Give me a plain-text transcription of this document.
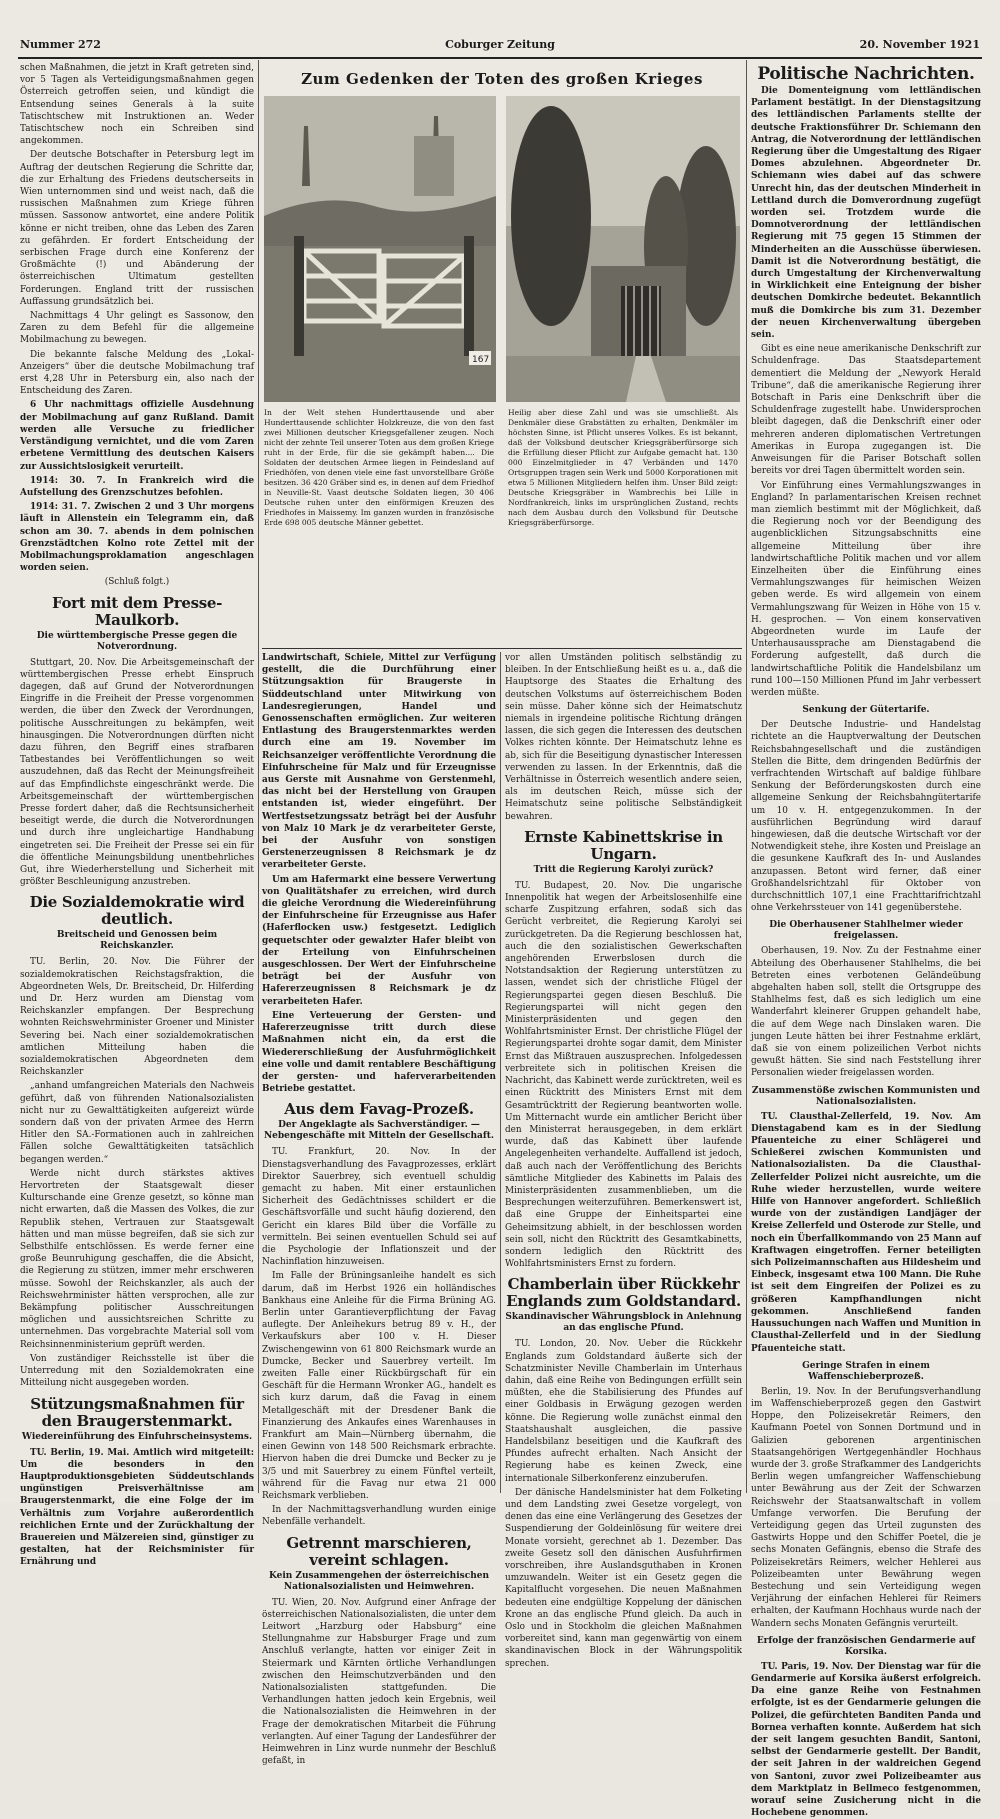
Nummer 272	Coburger Zeitung	20. November 1921

schen Maßnahmen, die jetzt in Kraft getreten sind, vor 5 Tagen als Verteidigungsmaßnahmen gegen Österreich getroffen seien, und kündigt die Entsendung seines Generals à la suite Tatischtschew mit Instruktionen an. Weder Tatischtschew noch ein Schreiben sind angekommen.

Der deutsche Botschafter in Petersburg legt im Auftrag der deutschen Regierung die Schritte dar, die zur Erhaltung des Friedens deutscherseits in Wien unternommen sind und weist nach, daß die russischen Maßnahmen zum Kriege führen müssen. Sassonow antwortet, eine andere Politik könne er nicht treiben, ohne das Leben des Zaren zu gefährden. Er fordert Entscheidung der serbischen Frage durch eine Konferenz der Großmächte (!) und Abänderung der österreichischen Ultimatum gestellten Forderungen. England tritt der russischen Auffassung grundsätzlich bei.

Nachmittags 4 Uhr gelingt es Sassonow, den Zaren zu dem Befehl für die allgemeine Mobilmachung zu bewegen.

Die bekannte falsche Meldung des „Lokal-Anzeigers“ über die deutsche Mobilmachung traf erst 4,28 Uhr in Petersburg ein, also nach der Entscheidung des Zaren.

6 Uhr nachmittags offizielle Ausdehnung der Mobilmachung auf ganz Rußland. Damit werden alle Versuche zu friedlicher Verständigung vernichtet, und die vom Zaren erbetene Vermittlung des deutschen Kaisers zur Aussichtslosigkeit verurteilt.

1914: 30. 7. In Frankreich wird die Aufstellung des Grenzschutzes befohlen.

1914: 31. 7. Zwischen 2 und 3 Uhr morgens läuft in Allenstein ein Telegramm ein, daß schon am 30. 7. abends in dem polnischen Grenzstädtchen Kolno rote Zettel mit der Mobilmachungsproklamation angeschlagen worden seien.

(Schluß folgt.)
Fort mit dem Presse-Maulkorb.
Die württembergische Presse gegen die Notverordnung.

Stuttgart, 20. Nov. Die Arbeitsgemeinschaft der württembergischen Presse erhebt Einspruch dagegen, daß auf Grund der Notverordnungen Eingriffe in die Freiheit der Presse vorgenommen werden, die über den Zweck der Verordnungen, politische Ausschreitungen zu bekämpfen, weit hinausgingen. Die Notverordnungen dürften nicht dazu führen, den Begriff eines strafbaren Tatbestandes bei Veröffentlichungen so weit auszudehnen, daß das Recht der Meinungsfreiheit auf das Empfindlichste eingeschränkt werde. Die Arbeitsgemeinschaft der württembergischen Presse fordert daher, daß die Rechtsunsicherheit beseitigt werde, die durch die Notverordnungen und durch ihre ungleichartige Handhabung eingetreten sei. Die Freiheit der Presse sei ein für die öffentliche Meinungsbildung unentbehrliches Gut, ihre Wiederherstellung und Sicherheit mit größter Beschleunigung anzustreben.

Die Sozialdemokratie wird deutlich.
Breitscheid und Genossen beim Reichskanzler.

TU. Berlin, 20. Nov. Die Führer der sozialdemokratischen Reichstagsfraktion, die Abgeordneten Wels, Dr. Breitscheid, Dr. Hilferding und Dr. Herz wurden am Dienstag vom Reichskanzler empfangen. Der Besprechung wohnten Reichswehrminister Groener und Minister Severing bei. Nach einer sozialdemokratischen amtlichen Mitteilung haben die sozialdemokratischen Abgeordneten dem Reichskanzler

„anhand umfangreichen Materials den Nachweis geführt, daß von führenden Nationalsozialisten nicht nur zu Gewalttätigkeiten aufgereizt würde sondern daß von der privaten Armee des Herrn Hitler den SA.-Formationen auch in zahlreichen Fällen solche Gewalttätigkeiten tatsächlich begangen werden.“

Werde nicht durch stärkstes aktives Hervortreten der Staatsgewalt dieser Kulturschande eine Grenze gesetzt, so könne man nicht erwarten, daß die Massen des Volkes, die zur Republik stehen, Vertrauen zur Staatsgewalt hätten und man müsse begreifen, daß sie sich zur Selbsthilfe entschlössen. Es werde ferner eine große Beunruhigung geschaffen, die die Absicht, die Regierung zu stützen, immer mehr erschweren müsse. Sowohl der Reichskanzler, als auch der Reichswehrminister hätten versprochen, alle zur Bekämpfung politischer Ausschreitungen möglichen und aussichtsreichen Schritte zu unternehmen. Das vorgebrachte Material soll vom Reichsinnenministerium geprüft werden.

Von zuständiger Reichsstelle ist über die Unterredung mit den Sozialdemokraten eine Mitteilung nicht ausgegeben worden.

Stützungsmaßnahmen für den Braugerstenmarkt.
Wiedereinführung des Einfuhrscheinsystems.

TU. Berlin, 19. Mai. Amtlich wird mitgeteilt: Um die besonders in den Hauptproduktionsgebieten Süddeutschlands ungünstigen Preisverhältnisse am Braugerstenmarkt, die eine Folge der im Verhältnis zum Vorjahre außerordentlich reichlichen Ernte und der Zurückhaltung der Brauereien und Mälzereien sind, günstiger zu gestalten, hat der Reichsminister für Ernährung und

Zum Gedenken der Toten des großen Krieges
167
In der Welt stehen Hunderttausende und aber Hunderttausende schlichter Holzkreuze, die von den fast zwei Millionen deutscher Kriegsgefallener zeugen. Noch nicht der zehnte Teil unserer Toten aus dem großen Kriege ruht in der Erde, für die sie gekämpft haben.... Die Soldaten der deutschen Armee liegen in Feindesland auf Friedhöfen, von denen viele eine fast unvorstellbare Größe besitzen. 36 420 Gräber sind es, in denen auf dem Friedhof in Neuville-St. Vaast deutsche Soldaten liegen, 30 406 Deutsche ruhen unter den einförmigen Kreuzen des Friedhofes in Maissemy. Im ganzen wurden in französische Erde 698 005 deutsche Männer gebettet.
Heilig aber diese Zahl und was sie umschließt. Als Denkmäler diese Grabstätten zu erhalten, Denkmäler im höchsten Sinne, ist Pflicht unseres Volkes. Es ist bekannt, daß der Volksbund deutscher Kriegsgräberfürsorge sich die Erfüllung dieser Pflicht zur Aufgabe gemacht hat. 130 000 Einzelmitglieder in 47 Verbänden und 1470 Ortsgruppen tragen sein Werk und 5000 Korporationen mit etwa 5 Millionen Mitgliedern helfen ihm. Unser Bild zeigt: Deutsche Kriegsgräber in Wambrechis bei Lille in Nordfrankreich, links im ursprünglichen Zustand, rechts nach dem Ausbau durch den Volksbund für Deutsche Kriegsgräberfürsorge.

Landwirtschaft, Schiele, Mittel zur Verfügung gestellt, die die Durchführung einer Stützungsaktion für Braugerste in Süddeutschland unter Mitwirkung von Landesregierungen, Handel und Genossenschaften ermöglichen. Zur weiteren Entlastung des Braugerstenmarktes werden durch eine am 19. November im Reichsanzeiger veröffentlichte Verordnung die Einfuhrscheine für Malz und für Erzeugnisse aus Gerste mit Ausnahme von Gerstenmehl, das nicht bei der Herstellung von Graupen entstanden ist, wieder eingeführt. Der Wertfestsetzungssatz beträgt bei der Ausfuhr von Malz 10 Mark je dz verarbeiteter Gerste, bei der Ausfuhr von sonstigen Gerstenerzeugnissen 8 Reichsmark je dz verarbeiteter Gerste.

Um am Hafermarkt eine bessere Verwertung von Qualitätshafer zu erreichen, wird durch die gleiche Verordnung die Wiedereinführung der Einfuhrscheine für Erzeugnisse aus Hafer (Haferflocken usw.) festgesetzt. Lediglich gequetschter oder gewalzter Hafer bleibt von der Erteilung von Einfuhrscheinen ausgeschlossen. Der Wert der Einfuhrscheine beträgt bei der Ausfuhr von Hafererzeugnissen 8 Reichsmark je dz verarbeiteten Hafer.

Eine Verteuerung der Gersten- und Hafererzeugnisse tritt durch diese Maßnahmen nicht ein, da erst die Wiedererschließung der Ausfuhrmöglichkeit eine volle und damit rentablere Beschäftigung der gersten- und haferverarbeitenden Betriebe gestattet.

Aus dem Favag-Prozeß.
Der Angeklagte als Sachverständiger. — Nebengeschäfte mit Mitteln der Gesellschaft.

TU. Frankfurt, 20. Nov. In der Dienstagsverhandlung des Favagprozesses, erklärt Direktor Sauerbrey, sich eventuell schuldig gemacht zu haben. Mit einer erstaunlichen Sicherheit des Gedächtnisses schildert er die Geschäftsvorfälle und sucht häufig dozierend, den Gericht ein klares Bild über die Vorfälle zu vermitteln. Bei seinen eventuellen Schuld sei auf die Psychologie der Inflationszeit und der Nachinflation hinzuweisen.

Im Falle der Brüningsanleihe handelt es sich darum, daß im Herbst 1926 ein holländisches Bankhaus eine Anleihe für die Firma Brüning AG. Berlin unter Garantieverpflichtung der Favag auflegte. Der Anleihekurs betrug 89 v. H., der Verkaufskurs aber 100 v. H. Dieser Zwischengewinn von 61 800 Reichsmark wurde an Dumcke, Becker und Sauerbrey verteilt. Im zweiten Falle einer Rückbürgschaft für ein Geschäft für die Hermann Wronker AG., handelt es sich kurz darum, daß die Favag in einem Metallgeschäft mit der Dresdener Bank die Finanzierung des Ankaufes eines Warenhauses in Frankfurt am Main—Nürnberg übernahm, die einen Gewinn von 148 500 Reichsmark erbrachte. Hiervon haben die drei Dumcke und Becker zu je 3/5 und mit Sauerbrey zu einem Fünftel verteilt, während für die Favag nur etwa 21 000 Reichsmark verblieben.

In der Nachmittagsverhandlung wurden einige Nebenfälle verhandelt.

Getrennt marschieren, vereint schlagen.
Kein Zusammengehen der österreichischen Nationalsozialisten und Heimwehren.

TU. Wien, 20. Nov. Aufgrund einer Anfrage der österreichischen Nationalsozialisten, die unter dem Leitwort „Harzburg oder Habsburg“ eine Stellungnahme zur Habsburger Frage und zum Anschluß verlangte, hatten vor einiger Zeit in Steiermark und Kärnten örtliche Verhandlungen zwischen den Heimschutzverbänden und den Nationalsozialisten stattgefunden. Die Verhandlungen hatten jedoch kein Ergebnis, weil die Nationalsozialisten die Heimwehren in der Frage der demokratischen Mitarbeit die Führung verlangten. Auf einer Tagung der Landesführer der Heimwehren in Linz wurde nunmehr der Beschluß gefaßt, in

vor allen Umständen politisch selbständig zu bleiben. In der Entschließung heißt es u. a., daß die Hauptsorge des Staates die Erhaltung des deutschen Volkstums auf österreichischem Boden sein müsse. Daher könne sich der Heimatschutz niemals in irgendeine politische Richtung drängen lassen, die sich gegen die Interessen des deutschen Volkes richten könnte. Der Heimatschutz lehne es ab, sich für die Beseitigung dynastischer Interessen verwenden zu lassen. In der Erkenntnis, daß die Verhältnisse in Österreich wesentlich andere seien, als im deutschen Reich, müsse sich der Heimatschutz seine politische Selbständigkeit bewahren.

Ernste Kabinettskrise in Ungarn.
Tritt die Regierung Karolyi zurück?

TU. Budapest, 20. Nov. Die ungarische Innenpolitik hat wegen der Arbeitslosenhilfe eine scharfe Zuspitzung erfahren, sodaß sich das Gerücht verbreitet, die Regierung Karolyi sei zurückgetreten. Da die Regierung beschlossen hat, auch die den sozialistischen Gewerkschaften angehörenden Erwerbslosen durch die Notstandsaktion der Regierung unterstützen zu lassen, wendet sich der christliche Flügel der Regierungspartei gegen diesen Beschluß. Die Regierungspartei will nicht gegen den Ministerpräsidenten und gegen den Wohlfahrtsminister Ernst. Der christliche Flügel der Regierungspartei drohte sogar damit, dem Minister Ernst das Mißtrauen auszusprechen. Infolgedessen verbreitete sich in politischen Kreisen die Nachricht, das Kabinett werde zurücktreten, weil es einen Rücktritt des Ministers Ernst mit dem Gesamtrücktritt der Regierung beantworten wolle. Um Mitternacht wurde ein amtlicher Bericht über den Ministerrat herausgegeben, in dem erklärt wurde, daß das Kabinett über laufende Angelegenheiten verhandelte. Auffallend ist jedoch, daß auch nach der Veröffentlichung des Berichts sämtliche Mitglieder des Kabinetts im Palais des Ministerpräsidenten zusammenblieben, um die Besprechungen weiterzuführen. Bemerkenswert ist, daß eine Gruppe der Einheitspartei eine Geheimsitzung abhielt, in der beschlossen worden sein soll, nicht den Rücktritt des Gesamtkabinetts, sondern lediglich den Rücktritt des Wohlfahrtsministers Ernst zu fordern.

Chamberlain über Rückkehr Englands zum Goldstandard.
Skandinavischer Währungsblock in Anlehnung an das englische Pfund.

TU. London, 20. Nov. Ueber die Rückkehr Englands zum Goldstandard äußerte sich der Schatzminister Neville Chamberlain im Unterhaus dahin, daß eine Reihe von Bedingungen erfüllt sein müßten, ehe die Stabilisierung des Pfundes auf einer Goldbasis in Erwägung gezogen werden könne. Die Regierung wolle zunächst einmal den Staatshaushalt ausgleichen, die passive Handelsbilanz beseitigen und die Kaufkraft des Pfundes aufrecht erhalten. Nach Ansicht der Regierung habe es keinen Zweck, eine internationale Silberkonferenz einzuberufen.

Der dänische Handelsminister hat dem Folketing und dem Landsting zwei Gesetze vorgelegt, von denen das eine eine Verlängerung des Gesetzes der Suspendierung der Goldeinlösung für weitere drei Monate vorsieht, gerechnet ab 1. Dezember. Das zweite Gesetz soll den dänischen Ausfuhrfirmen vorschreiben, ihre Auslandsguthaben in Kronen umzuwandeln. Weiter ist ein Gesetz gegen die Kapitalflucht vorgesehen. Die neuen Maßnahmen bedeuten eine endgültige Koppelung der dänischen Krone an das englische Pfund gleich. Da auch in Oslo und in Stockholm die gleichen Maßnahmen vorbereitet sind, kann man gegenwärtig von einem skandinavischen Block in der Währungspolitik sprechen.

Politische Nachrichten.

Die Domenteignung vom lettländischen Parlament bestätigt. In der Dienstagsitzung des lettländischen Parlaments stellte der deutsche Fraktionsführer Dr. Schiemann den Antrag, die Notverordnung der lettländischen Regierung über die Umgestaltung des Rigaer Domes abzulehnen. Abgeordneter Dr. Schiemann wies dabei auf das schwere Unrecht hin, das der deutschen Minderheit in Lettland durch die Domverordnung zugefügt worden sei. Trotzdem wurde die Domnotverordnung der lettländischen Regierung mit 75 gegen 15 Stimmen der Minderheiten an die Ausschüsse überwiesen. Damit ist die Notverordnung bestätigt, die durch Umgestaltung der Kirchenverwaltung in Wirklichkeit eine Enteignung der bisher deutschen Domkirche bedeutet. Bekanntlich muß die Domkirche bis zum 31. Dezember der neuen Kirchenverwaltung übergeben sein.

Gibt es eine neue amerikanische Denkschrift zur Schuldenfrage. Das Staatsdepartement dementiert die Meldung der „Newyork Herald Tribune“, daß die amerikanische Regierung ihrer Botschaft in Paris eine Denkschrift über die Schuldenfrage zugestellt habe. Unwidersprochen bleibt dagegen, daß die Denkschrift einer oder mehreren anderen diplomatischen Vertretungen Amerikas in Europa zugegangen ist. Die Anweisungen für die Pariser Botschaft sollen bereits vor drei Tagen übermittelt worden sein.

Vor Einführung eines Vermahlungszwanges in England? In parlamentarischen Kreisen rechnet man ziemlich bestimmt mit der Möglichkeit, daß die Regierung noch vor der Beendigung des augenblicklichen Sitzungsabschnitts eine allgemeine Mitteilung über ihre landwirtschaftliche Politik machen und vor allem Einzelheiten über die Einführung eines Vermahlungszwanges für heimischen Weizen geben werde. Es wird allgemein von einem Vermahlungszwang für Weizen in Höhe von 15 v. H. gesprochen. — Von einem konservativen Abgeordneten wurde im Laufe der Unterhausaussprache am Dienstagabend die Forderung aufgestellt, daß durch die landwirtschaftliche Politik die Handelsbilanz um rund 100—150 Millionen Pfund im Jahr verbessert werden müßte.

Senkung der Gütertarife.

Der Deutsche Industrie- und Handelstag richtete an die Hauptverwaltung der Deutschen Reichsbahngesellschaft und die zuständigen Stellen die Bitte, dem dringenden Bedürfnis der verfrachtenden Wirtschaft auf baldige fühlbare Senkung der Beförderungskosten durch eine allgemeine Senkung der Reichsbahngütertarife um 10 v. H. entgegenzukommen. In der ausführlichen Begründung wird darauf hingewiesen, daß die deutsche Wirtschaft vor der Notwendigkeit stehe, ihre Kosten und Preislage an die gesunkene Kaufkraft des In- und Auslandes anzupassen. Betont wird ferner, daß einer Großhandelsrichtzahl für Oktober von durchschnittlich 107,1 eine Frachttarifrichtzahl ohne Verkehrssteuer von 141 gegenüberstehe.

Die Oberhausener Stahlhelmer wieder freigelassen.

Oberhausen, 19. Nov. Zu der Festnahme einer Abteilung des Oberhausener Stahlhelms, die bei Betreten eines verbotenen Geländeübung abgehalten haben soll, stellt die Ortsgruppe des Stahlhelms fest, daß es sich lediglich um eine Wanderfahrt kleinerer Gruppen gehandelt habe, die auf dem Wege nach Dinslaken waren. Die jungen Leute hätten bei ihrer Festnahme erklärt, daß sie von einem polizeilichen Verbot nichts gewußt hätten. Sie sind nach Feststellung ihrer Personalien wieder freigelassen worden.

Zusammenstöße zwischen Kommunisten und Nationalsozialisten.

TU. Clausthal-Zellerfeld, 19. Nov. Am Dienstagabend kam es in der Siedlung Pfauenteiche zu einer Schlägerei und Schießerei zwischen Kommunisten und Nationalsozialisten. Da die Clausthal-Zellerfelder Polizei nicht ausreichte, um die Ruhe wieder herzustellen, wurde weitere Hilfe von Hannover angefordert. Schließlich wurde von der zuständigen Landjäger der Kreise Zellerfeld und Osterode zur Stelle, und noch ein Überfallkommando von 25 Mann auf Kraftwagen eingetroffen. Ferner beteiligten sich Polizeimannschaften aus Hildesheim und Einbeck, insgesamt etwa 100 Mann. Die Ruhe ist seit dem Eingreifen der Polizei es zu größeren Kampfhandlungen nicht gekommen. Anschließend fanden Haussuchungen nach Waffen und Munition in Clausthal-Zellerfeld und in der Siedlung Pfauenteiche statt.

Geringe Strafen in einem Waffenschieberprozeß.

Berlin, 19. Nov. In der Berufungsverhandlung im Waffenschieberprozeß gegen den Gastwirt Hoppe, den Polizeisekretär Reimers, den Kaufmann Poetel von Sonnen Dortmund und in Galizien geborenen argentinischen Staatsangehörigen Wertgegenhändler Hochhaus wurde der 3. große Strafkammer des Landgerichts Berlin wegen umfangreicher Waffenschiebung unter Bewährung aus der Zeit der Schwarzen Reichswehr der Staatsanwaltschaft in vollem Umfange verworfen. Die Berufung der Verteidigung gegen das Urteil zugunsten des Gastwirts Hoppe und den Schiffer Poetel, die je sechs Monaten Gefängnis, ebenso die Strafe des Polizeisekretärs Reimers, welcher Hehlerei aus Polizeibeamten unter Bewährung wegen Bestechung und sein Verteidigung wegen Verjährung der einfachen Hehlerei für Reimers erhalten, der Kaufmann Hochhaus wurde nach der Wandern sechs Monaten Gefängnis verurteilt.

Erfolge der französischen Gendarmerie auf Korsika.

TU. Paris, 19. Nov. Der Dienstag war für die Gendarmerie auf Korsika äußerst erfolgreich. Da eine ganze Reihe von Festnahmen erfolgte, ist es der Gendarmerie gelungen die Polizei, die gefürchteten Banditen Panda und Bornea verhaften konnte. Außerdem hat sich der seit langem gesuchten Bandit, Santoni, selbst der Gendarmerie gestellt. Der Bandit, der seit Jahren in der waldreichen Gegend von Santoni, zuvor zwei Polizeibeamter aus dem Marktplatz in Bellmeco festgenommen, worauf seine Zusicherung nicht in die Hochebene genommen.
